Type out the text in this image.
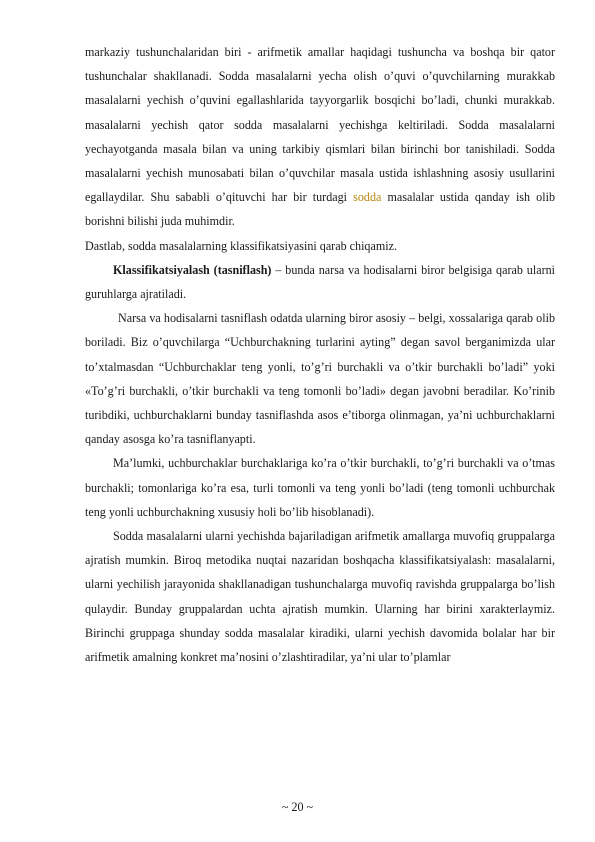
markaziy tushunchalaridan biri - arifmetik amallar haqidagi tushuncha va boshqa bir qator tushunchalar shakllanadi. Sodda masalalarni yecha olish o’quvi o’quvchilarning murakkab masalalarni yechish o’quvini egallashlarida tayyorgarlik bosqichi bo’ladi, chunki murakkab. masalalarni yechish qator sodda masalalarni yechishga keltiriladi. Sodda masalalarni yechayotganda masala bilan va uning tarkibiy qismlari bilan birinchi bor tanishiladi. Sodda masalalarni yechish munosabati bilan o’quvchilar masala ustida ishlashning asosiy usullarini egallaydilar. Shu sababli o’qituvchi har bir turdagi sodda masalalar ustida qanday ish olib borishni bilishi juda muhimdir.

Dastlab, sodda masalalarning klassifikatsiyasini qarab chiqamiz.

Klassifikatsiyalash (tasniflash) – bunda narsa va hodisalarni biror belgisiga qarab ularni guruhlarga ajratiladi.

Narsa va hodisalarni tasniflash odatda ularning biror asosiy – belgi, xossalariga qarab olib boriladi. Biz o’quvchilarga “Uchburchakning turlarini ayting” degan savol berganimizda ular to’xtalmasdan “Uchburchaklar teng yonli, to’g’ri burchakli va o’tkir burchakli bo’ladi” yoki «To’g’ri burchakli, o’tkir burchakli va teng tomonli bo’ladi» degan javobni beradilar. Ko’rinib turibdiki, uchburchaklarni bunday tasniflashda asos e’tiborga olinmagan, ya’ni uchburchaklarni qanday asosga ko’ra tasniflanyapti.

Ma’lumki, uchburchaklar burchaklariga ko’ra o’tkir burchakli, to’g’ri burchakli va o’tmas burchakli; tomonlariga ko’ra esa, turli tomonli va teng yonli bo’ladi (teng tomonli uchburchak teng yonli uchburchakning xususiy holi bo’lib hisoblanadi).

Sodda masalalarni ularni yechishda bajariladigan arifmetik amallarga muvofiq gruppalarga ajratish mumkin. Biroq metodika nuqtai nazaridan boshqacha klassifikatsiyalash: masalalarni, ularni yechilish jarayonida shakllanadigan tushunchalarga muvofiq ravishda gruppalarga bo’lish qulaydir. Bunday gruppalardan uchta ajratish mumkin. Ularning har birini xarakterlaymiz. Birinchi gruppaga shunday sodda masalalar kiradiki, ularni yechish davomida bolalar har bir arifmetik amalning konkret ma’nosini o’zlashtiradilar, ya’ni ular to’plamlar

~ 20 ~
